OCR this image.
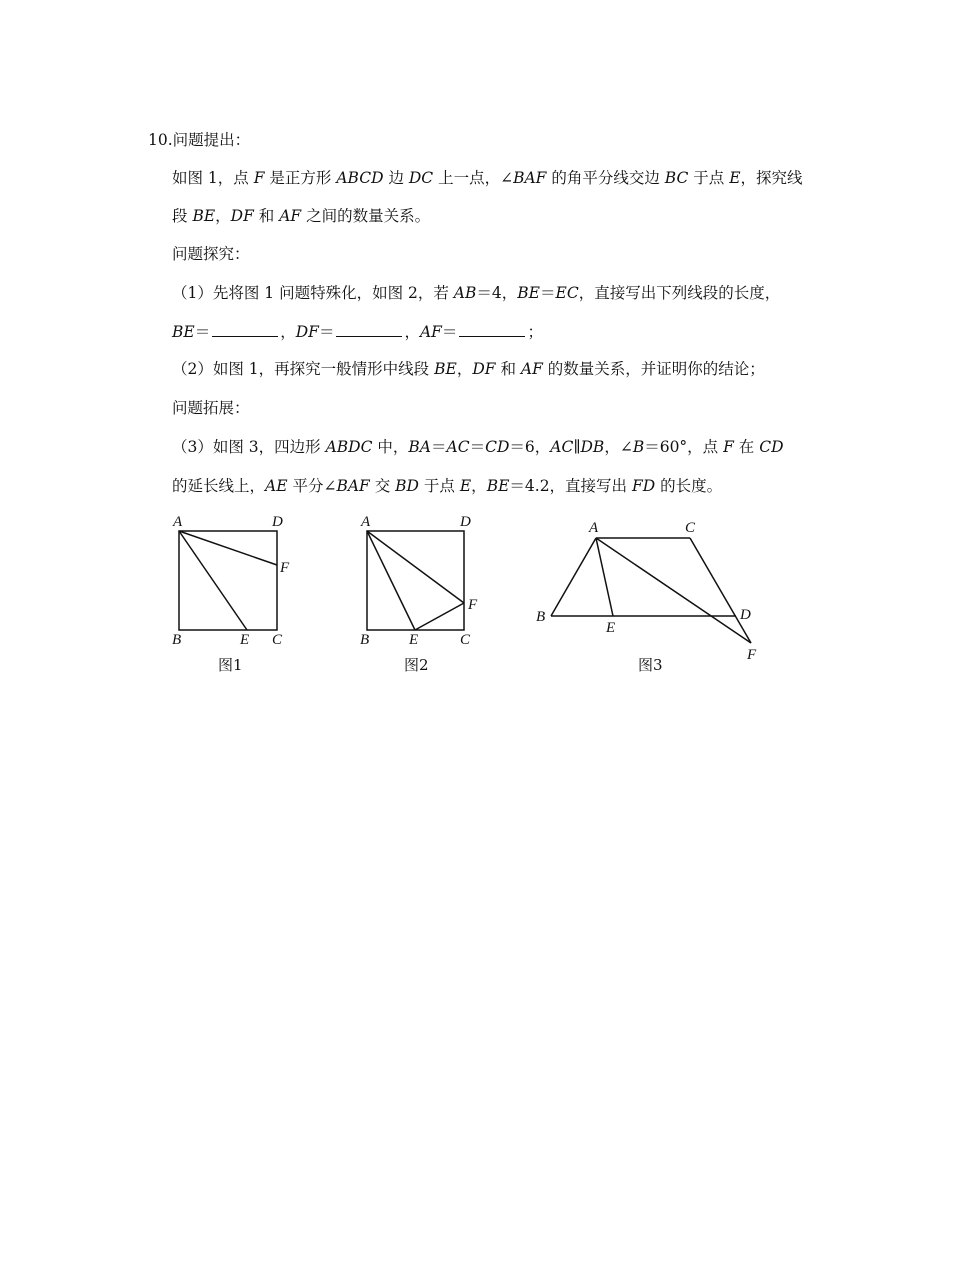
10.问题提出：
如图 1，点 F 是正方形 ABCD 边 DC 上一点，∠BAF 的角平分线交边 BC 于点 E，探究线
段 BE，DF 和 AF 之间的数量关系。
问题探究：
（1）先将图 1 问题特殊化，如图 2，若 AB＝4，BE＝EC，直接写出下列线段的长度，
BE＝	，DF＝	，AF＝	；
（2）如图 1，再探究一般情形中线段 BE，DF 和 AF 的数量关系，并证明你的结论；
问题拓展：
（3）如图 3，四边形 ABDC 中，BA＝AC＝CD＝6，AC∥DB，∠B＝60°，点 F 在 CD
的延长线上，AE 平分∠BAF 交 BD 于点 E，BE＝4.2，直接写出 FD 的长度。
A	D
F
B	E C
图1
A	D
F
B	E	C
图2
A	C
B	D
E
F
图3
